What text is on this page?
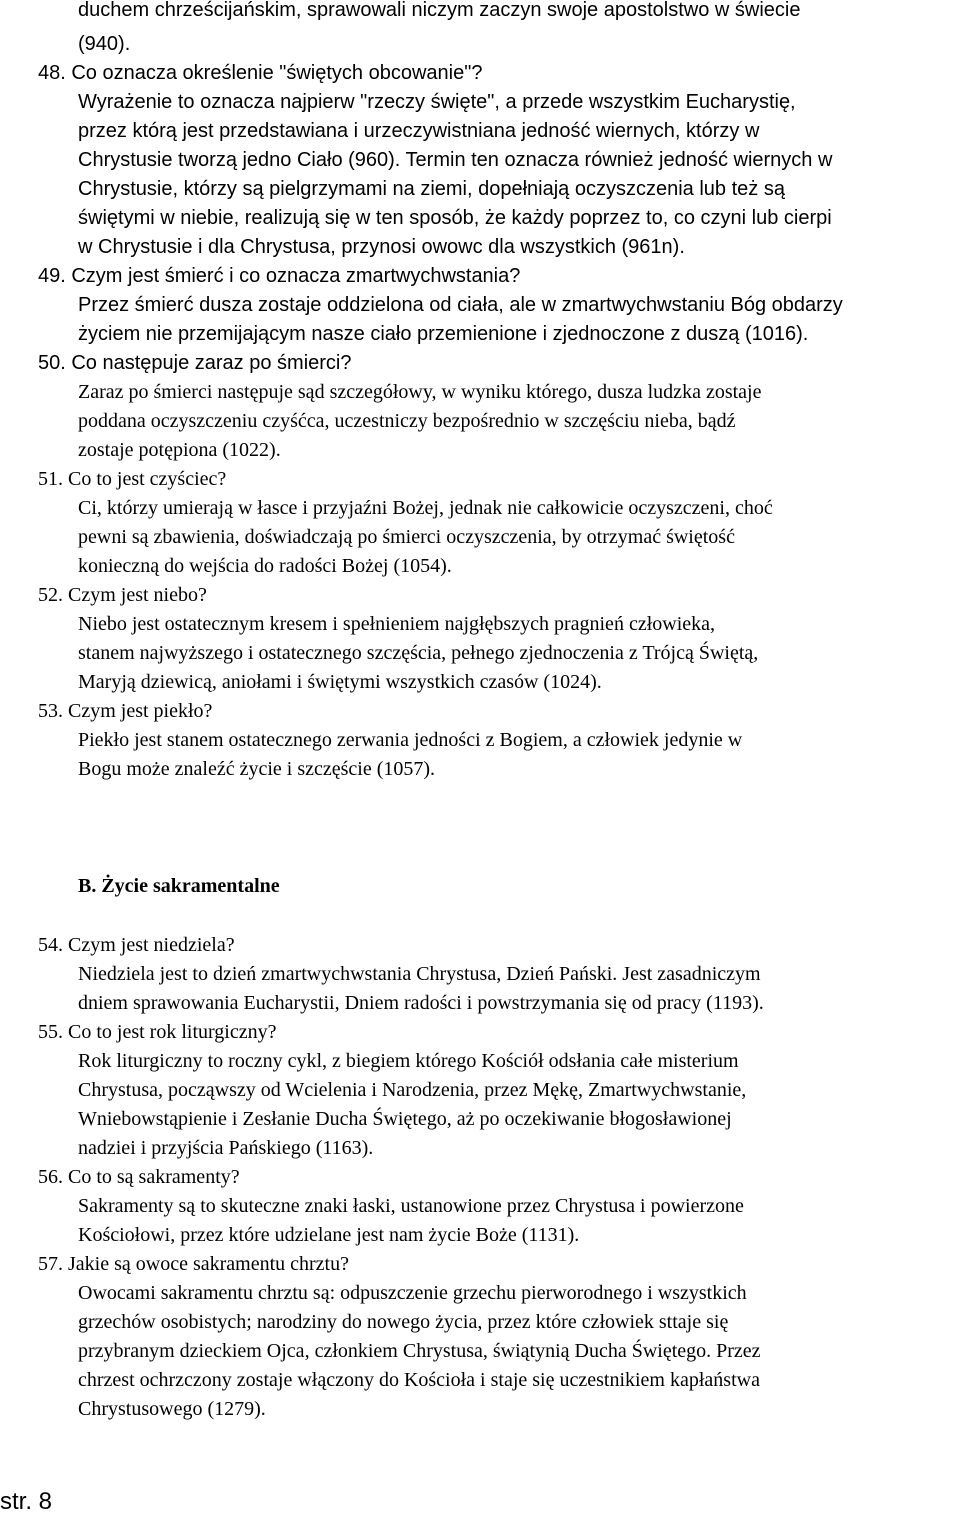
duchem chrześcijańskim, sprawowali niczym zaczyn swoje apostolstwo w świecie
(940).
48. Co oznacza określenie "świętych obcowanie"?
Wyrażenie to oznacza najpierw "rzeczy święte", a przede wszystkim Eucharystię,
przez którą jest przedstawiana i urzeczywistniana jedność wiernych, którzy w
Chrystusie tworzą jedno Ciało (960). Termin ten oznacza również jedność wiernych w
Chrystusie, którzy są pielgrzymami na ziemi, dopełniają oczyszczenia lub też są
świętymi w niebie, realizują się w ten sposób, że każdy poprzez to, co czyni lub cierpi
w Chrystusie i dla Chrystusa, przynosi owowc dla wszystkich (961n).
49. Czym jest śmierć i co oznacza zmartwychwstania?
Przez śmierć dusza zostaje oddzielona od ciała, ale w zmartwychwstaniu Bóg obdarzy
życiem nie przemijającym nasze ciało przemienione i zjednoczone z duszą (1016).
50. Co następuje zaraz po śmierci?
Zaraz po śmierci następuje sąd szczegółowy, w wyniku którego, dusza ludzka zostaje
poddana oczyszczeniu czyśćca, uczestniczy bezpośrednio w szczęściu nieba, bądź
zostaje potępiona (1022).
51. Co to jest czyściec?
Ci, którzy umierają w łasce i przyjaźni Bożej, jednak nie całkowicie oczyszczeni, choć
pewni są zbawienia, doświadczają po śmierci oczyszczenia, by otrzymać świętość
konieczną do wejścia do radości Bożej (1054).
52. Czym jest niebo?
Niebo jest ostatecznym kresem i spełnieniem najgłębszych pragnień człowieka,
stanem najwyższego i ostatecznego szczęścia, pełnego zjednoczenia z Trójcą Świętą,
Maryją dziewicą, aniołami i świętymi wszystkich czasów (1024).
53. Czym jest piekło?
Piekło jest stanem ostatecznego zerwania jedności z Bogiem, a człowiek jedynie w
Bogu może znaleźć życie i szczęście (1057).
B. Życie sakramentalne
54. Czym jest niedziela?
Niedziela jest to dzień zmartwychwstania Chrystusa, Dzień Pański. Jest zasadniczym
dniem sprawowania Eucharystii, Dniem radości i powstrzymania się od pracy (1193).
55. Co to jest rok liturgiczny?
Rok liturgiczny to roczny cykl, z biegiem którego Kościół odsłania całe misterium
Chrystusa, począwszy od Wcielenia i Narodzenia, przez Mękę, Zmartwychwstanie,
Wniebowstąpienie i Zesłanie Ducha Świętego, aż po oczekiwanie błogosławionej
nadziei i przyjścia Pańskiego (1163).
56. Co to są sakramenty?
Sakramenty są to skuteczne znaki łaski, ustanowione przez Chrystusa i powierzone
Kościołowi, przez które udzielane jest nam życie Boże (1131).
57. Jakie są owoce sakramentu chrztu?
Owocami sakramentu chrztu są: odpuszczenie grzechu pierworodnego i wszystkich
grzechów osobistych; narodziny do nowego życia, przez które człowiek sttaje się
przybranym dzieckiem Ojca, członkiem Chrystusa, świątynią Ducha Świętego. Przez
chrzest ochrzczony zostaje włączony do Kościoła i staje się uczestnikiem kapłaństwa
Chrystusowego (1279).
str. 8
